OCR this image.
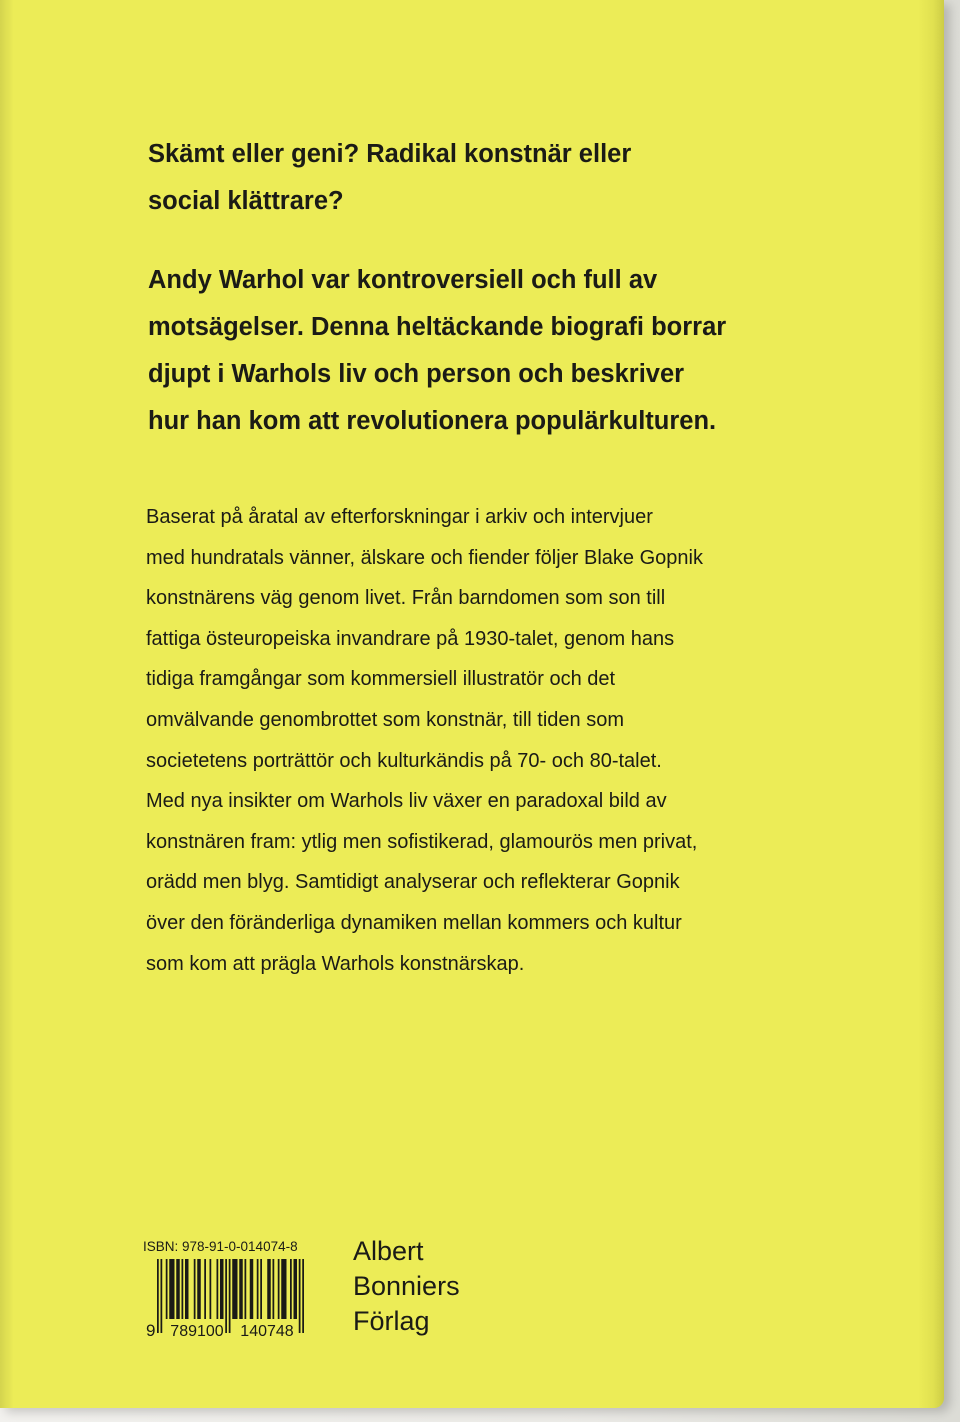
Skämt eller geni? Radikal konstnär eller
social klättrare?

Andy Warhol var kontroversiell och full av
motsägelser. Denna heltäckande biografi borrar
djupt i Warhols liv och person och beskriver
hur han kom att revolutionera populärkulturen.

Baserat på åratal av efterforskningar i arkiv och intervjuer
med hundratals vänner, älskare och fiender följer Blake Gopnik
konstnärens väg genom livet. Från barndomen som son till
fattiga östeuropeiska invandrare på 1930-talet, genom hans
tidiga framgångar som kommersiell illustratör och det
omvälvande genombrottet som konstnär, till tiden som
societetens porträttör och kulturkändis på 70- och 80-talet.
Med nya insikter om Warhols liv växer en paradoxal bild av
konstnären fram: ytlig men sofistikerad, glamourös men privat,
orädd men blyg. Samtidigt analyserar och reflekterar Gopnik
över den föränderliga dynamiken mellan kommers och kultur
som kom att prägla Warhols konstnärskap.

ISBN: 978-91-0-014074-8
9 789100 140748
Albert
Bonniers
Förlag
